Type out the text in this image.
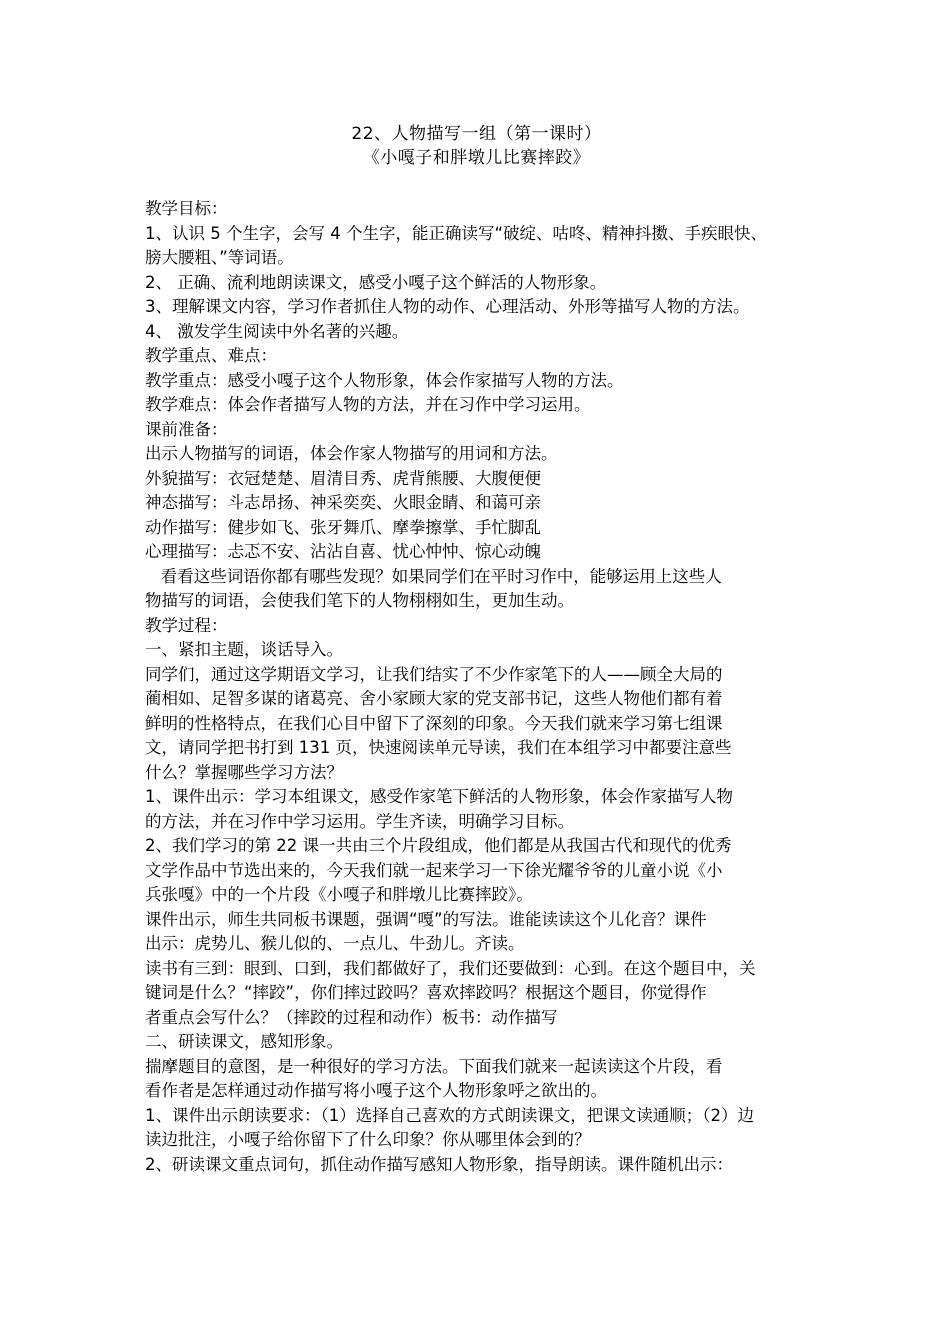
22、人物描写一组（第一课时）
《小嘎子和胖墩儿比赛摔跤》
教学目标：
1、认识 5 个生字，会写 4 个生字，能正确读写“破绽、咕咚、精神抖擞、手疾眼快、
膀大腰粗、”等词语。
2、 正确、流利地朗读课文，感受小嘎子这个鲜活的人物形象。
3、理解课文内容，学习作者抓住人物的动作、心理活动、外形等描写人物的方法。
4、 激发学生阅读中外名著的兴趣。
教学重点、难点：
教学重点：感受小嘎子这个人物形象，体会作家描写人物的方法。
教学难点：体会作者描写人物的方法，并在习作中学习运用。
课前准备：
出示人物描写的词语，体会作家人物描写的用词和方法。
外貌描写：衣冠楚楚、眉清目秀、虎背熊腰、大腹便便
神态描写：斗志昂扬、神采奕奕、火眼金睛、和蔼可亲
动作描写：健步如飞、张牙舞爪、摩拳擦掌、手忙脚乱
心理描写：忐忑不安、沾沾自喜、忧心忡忡、惊心动魄
看看这些词语你都有哪些发现？如果同学们在平时习作中，能够运用上这些人
物描写的词语，会使我们笔下的人物栩栩如生，更加生动。
教学过程：
一、紧扣主题，谈话导入。
同学们，通过这学期语文学习，让我们结实了不少作家笔下的人——顾全大局的
蔺相如、足智多谋的诸葛亮、舍小家顾大家的党支部书记，这些人物他们都有着
鲜明的性格特点，在我们心目中留下了深刻的印象。今天我们就来学习第七组课
文，请同学把书打到 131 页，快速阅读单元导读，我们在本组学习中都要注意些
什么？掌握哪些学习方法？
1、课件出示：学习本组课文，感受作家笔下鲜活的人物形象，体会作家描写人物
的方法，并在习作中学习运用。学生齐读，明确学习目标。
2、我们学习的第 22 课一共由三个片段组成，他们都是从我国古代和现代的优秀
文学作品中节选出来的，今天我们就一起来学习一下徐光耀爷爷的儿童小说《小
兵张嘎》中的一个片段《小嘎子和胖墩儿比赛摔跤》。
课件出示，师生共同板书课题，强调“嘎”的写法。谁能读读这个儿化音？课件
出示：虎势儿、猴儿似的、一点儿、牛劲儿。齐读。
读书有三到：眼到、口到，我们都做好了，我们还要做到：心到。在这个题目中，关
键词是什么？“摔跤”，你们摔过跤吗？喜欢摔跤吗？根据这个题目，你觉得作
者重点会写什么？（摔跤的过程和动作）板书：动作描写
二、研读课文，感知形象。
揣摩题目的意图，是一种很好的学习方法。下面我们就来一起读读这个片段，看
看作者是怎样通过动作描写将小嘎子这个人物形象呼之欲出的。
1、课件出示朗读要求：（1）选择自己喜欢的方式朗读课文，把课文读通顺；（2）边
读边批注，小嘎子给你留下了什么印象？你从哪里体会到的？
2、研读课文重点词句，抓住动作描写感知人物形象，指导朗读。课件随机出示：
